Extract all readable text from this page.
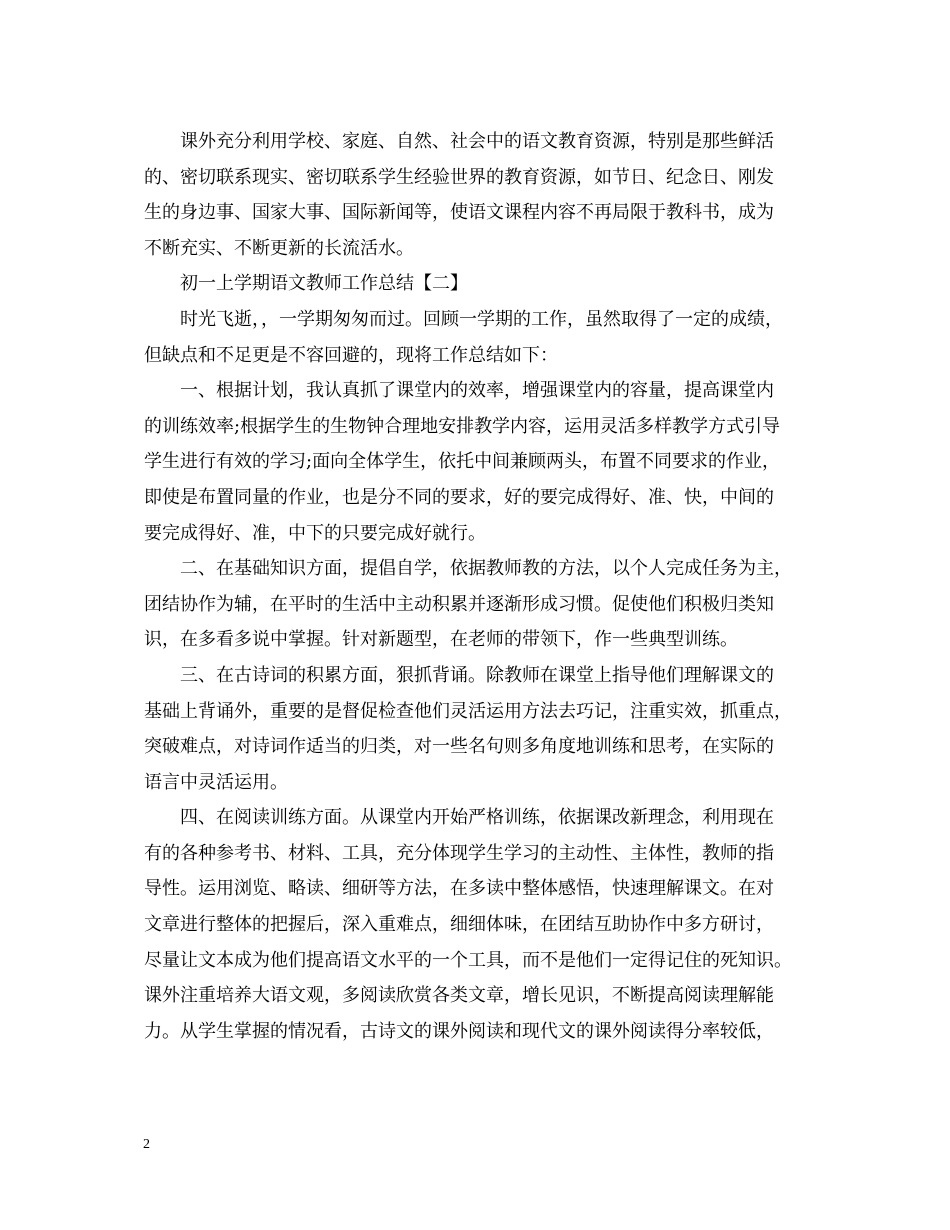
课外充分利用学校、家庭、自然、社会中的语文教育资源，特别是那些鲜活
的、密切联系现实、密切联系学生经验世界的教育资源，如节日、纪念日、刚发
生的身边事、国家大事、国际新闻等，使语文课程内容不再局限于教科书，成为
不断充实、不断更新的长流活水。
初一上学期语文教师工作总结【二】
时光飞逝，，一学期匆匆而过。回顾一学期的工作，虽然取得了一定的成绩，
但缺点和不足更是不容回避的，现将工作总结如下：
一、根据计划，我认真抓了课堂内的效率，增强课堂内的容量，提高课堂内
的训练效率;根据学生的生物钟合理地安排教学内容，运用灵活多样教学方式引导
学生进行有效的学习;面向全体学生，依托中间兼顾两头，布置不同要求的作业，
即使是布置同量的作业，也是分不同的要求，好的要完成得好、准、快，中间的
要完成得好、准，中下的只要完成好就行。
二、在基础知识方面，提倡自学，依据教师教的方法，以个人完成任务为主，
团结协作为辅，在平时的生活中主动积累并逐渐形成习惯。促使他们积极归类知
识，在多看多说中掌握。针对新题型，在老师的带领下，作一些典型训练。
三、在古诗词的积累方面，狠抓背诵。除教师在课堂上指导他们理解课文的
基础上背诵外，重要的是督促检查他们灵活运用方法去巧记，注重实效，抓重点，
突破难点，对诗词作适当的归类，对一些名句则多角度地训练和思考，在实际的
语言中灵活运用。
四、在阅读训练方面。从课堂内开始严格训练，依据课改新理念，利用现在
有的各种参考书、材料、工具，充分体现学生学习的主动性、主体性，教师的指
导性。运用浏览、略读、细研等方法，在多读中整体感悟，快速理解课文。在对
文章进行整体的把握后，深入重难点，细细体味，在团结互助协作中多方研讨，
尽量让文本成为他们提高语文水平的一个工具，而不是他们一定得记住的死知识。
课外注重培养大语文观，多阅读欣赏各类文章，增长见识，不断提高阅读理解能
力。从学生掌握的情况看，古诗文的课外阅读和现代文的课外阅读得分率较低，
2
